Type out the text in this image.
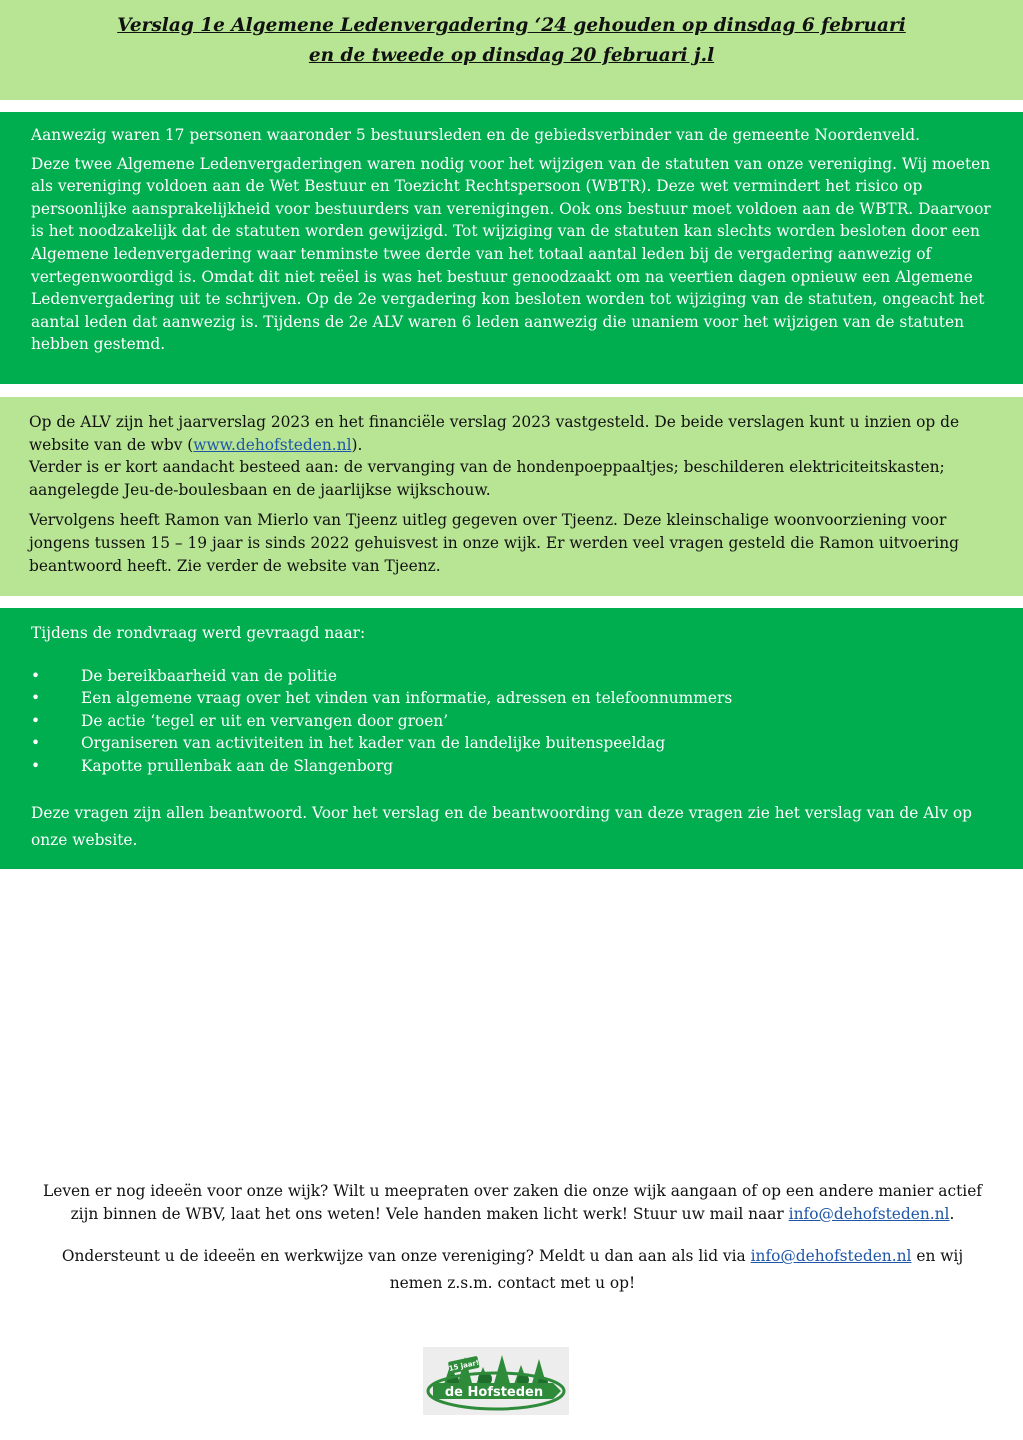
Verslag 1e Algemene Ledenvergadering ‘24 gehouden op dinsdag 6 februari

en de tweede op dinsdag 20 februari j.l

Aanwezig waren 17 personen waaronder 5 bestuursleden en de gebiedsverbinder van de gemeente Noordenveld.

Deze twee Algemene Ledenvergaderingen waren nodig voor het wijzigen van de statuten van onze vereniging. Wij moeten als vereniging voldoen aan de Wet Bestuur en Toezicht Rechtspersoon (WBTR). Deze wet vermindert het risico op persoonlijke aansprakelijkheid voor bestuurders van verenigingen. Ook ons bestuur moet voldoen aan de WBTR. Daarvoor is het noodzakelijk dat de statuten worden gewijzigd. Tot wijziging van de statuten kan slechts worden besloten door een Algemene ledenvergadering waar tenminste twee derde van het totaal aantal leden bij de vergadering aanwezig of vertegenwoordigd is. Omdat dit niet reëel is was het bestuur genoodzaakt om na veertien dagen opnieuw een Algemene Ledenvergadering uit te schrijven. Op de 2e vergadering kon besloten worden tot wijziging van de statuten, ongeacht het aantal leden dat aanwezig is. Tijdens de 2e ALV waren 6 leden aanwezig die unaniem voor het wijzigen van de statuten hebben gestemd.

Op de ALV zijn het jaarverslag 2023 en het financiële verslag 2023 vastgesteld. De beide verslagen kunt u inzien op de website van de wbv (www.dehofsteden.nl).
Verder is er kort aandacht besteed aan: de vervanging van de hondenpoeppaaltjes; beschilderen elektriciteitskasten; aangelegde Jeu-de-boulesbaan en de jaarlijkse wijkschouw.

Vervolgens heeft Ramon van Mierlo van Tjeenz uitleg gegeven over Tjeenz. Deze kleinschalige woonvoorziening voor jongens tussen 15 – 19 jaar is sinds 2022 gehuisvest in onze wijk. Er werden veel vragen gesteld die Ramon uitvoering beantwoord heeft. Zie verder de website van Tjeenz.

Tijdens de rondvraag werd gevraagd naar:

• De bereikbaarheid van de politie
• Een algemene vraag over het vinden van informatie, adressen en telefoonnummers
• De actie ‘tegel er uit en vervangen door groen’
• Organiseren van activiteiten in het kader van de landelijke buitenspeeldag
• Kapotte prullenbak aan de Slangenborg

Deze vragen zijn allen beantwoord. Voor het verslag en de beantwoording van deze vragen zie het verslag van de Alv op onze website.

Leven er nog ideeën voor onze wijk? Wilt u meepraten over zaken die onze wijk aangaan of op een andere manier actief zijn binnen de WBV, laat het ons weten! Vele handen maken licht werk! Stuur uw mail naar info@dehofsteden.nl.

Ondersteunt u de ideeën en werkwijze van onze vereniging? Meldt u dan aan als lid via info@dehofsteden.nl en wij nemen z.s.m. contact met u op!

15 jaar!
de Hofsteden
